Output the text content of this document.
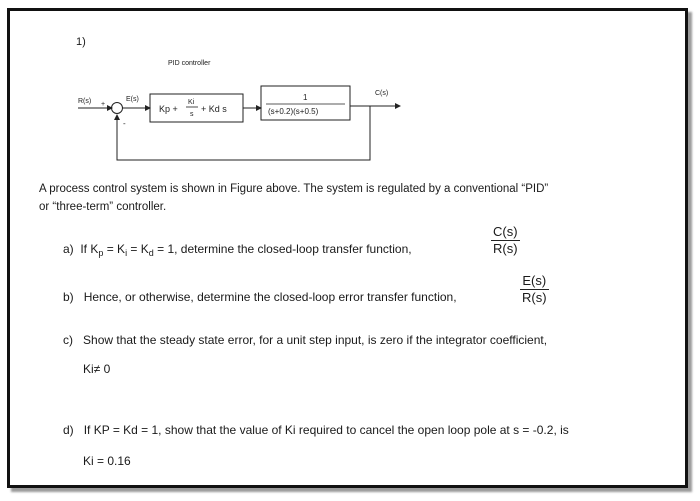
1)
PID controller
R(s) +
-
E(s)
C(s)
Kp +
Ki
s
+ Kd s
1
(s+0.2)(s+0.5)
A process control system is shown in Figure above. The system is regulated by a conventional “PID”
or “three-term” controller.
a) If $K_p = K_i = K_d = 1$, determine the closed-loop transfer function,	$\frac{C(s)}{R(s)}$
b) Hence, or otherwise, determine the closed-loop error transfer function,	$\frac{E(s)}{R(s)}$
c) Show that the steady state error, for a unit step input, is zero if the integrator coefficient,
Ki≠ 0
d) If KP = Kd = 1, show that the value of Ki required to cancel the open loop pole at s = -0.2, is
Ki = 0.16
